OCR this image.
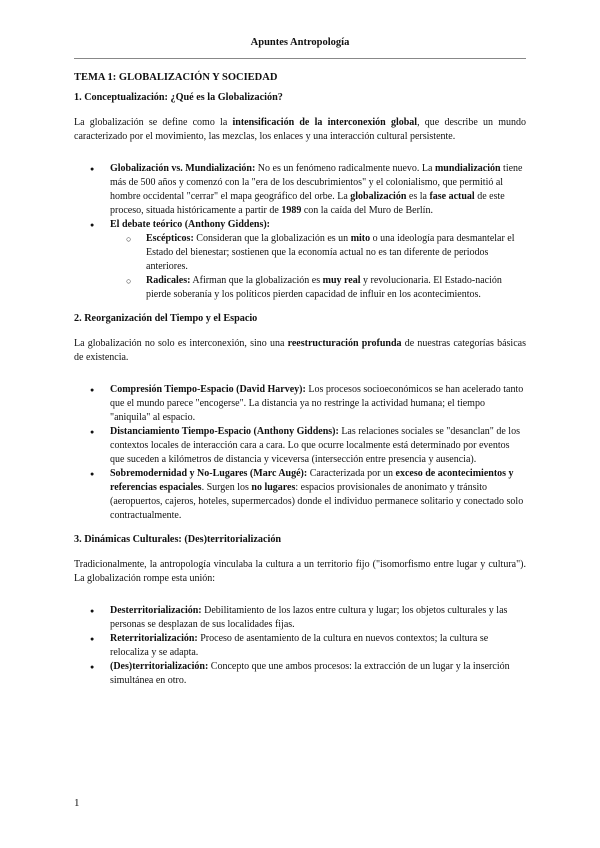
Apuntes Antropología
TEMA 1: GLOBALIZACIÓN Y SOCIEDAD
1. Conceptualización: ¿Qué es la Globalización?

La globalización se define como la intensificación de la interconexión global, que describe un mundo caracterizado por el movimiento, las mezclas, los enlaces y una interacción cultural persistente.

● Globalización vs. Mundialización: No es un fenómeno radicalmente nuevo. La mundialización tiene más de 500 años y comenzó con la "era de los descubrimientos" y el colonialismo, que permitió al hombre occidental "cerrar" el mapa geográfico del orbe. La globalización es la fase actual de este proceso, situada históricamente a partir de 1989 con la caída del Muro de Berlín.
● El debate teórico (Anthony Giddens):
○ Escépticos: Consideran que la globalización es un mito o una ideología para desmantelar el Estado del bienestar; sostienen que la economía actual no es tan diferente de periodos anteriores.
○ Radicales: Afirman que la globalización es muy real y revolucionaria. El Estado-nación pierde soberanía y los políticos pierden capacidad de influir en los acontecimientos.
2. Reorganización del Tiempo y el Espacio

La globalización no solo es interconexión, sino una reestructuración profunda de nuestras categorías básicas de existencia.

● Compresión Tiempo-Espacio (David Harvey): Los procesos socioeconómicos se han acelerado tanto que el mundo parece "encogerse". La distancia ya no restringe la actividad humana; el tiempo "aniquila" al espacio.
● Distanciamiento Tiempo-Espacio (Anthony Giddens): Las relaciones sociales se "desanclan" de los contextos locales de interacción cara a cara. Lo que ocurre localmente está determinado por eventos que suceden a kilómetros de distancia y viceversa (intersección entre presencia y ausencia).
● Sobremodernidad y No-Lugares (Marc Augé): Caracterizada por un exceso de acontecimientos y referencias espaciales. Surgen los no lugares: espacios provisionales de anonimato y tránsito (aeropuertos, cajeros, hoteles, supermercados) donde el individuo permanece solitario y conectado solo contractualmente.
3. Dinámicas Culturales: (Des)territorialización

Tradicionalmente, la antropología vinculaba la cultura a un territorio fijo ("isomorfismo entre lugar y cultura"). La globalización rompe esta unión:

● Desterritorialización: Debilitamiento de los lazos entre cultura y lugar; los objetos culturales y las personas se desplazan de sus localidades fijas.
● Reterritorialización: Proceso de asentamiento de la cultura en nuevos contextos; la cultura se relocaliza y se adapta.
● (Des)territorialización: Concepto que une ambos procesos: la extracción de un lugar y la inserción simultánea en otro.
1
